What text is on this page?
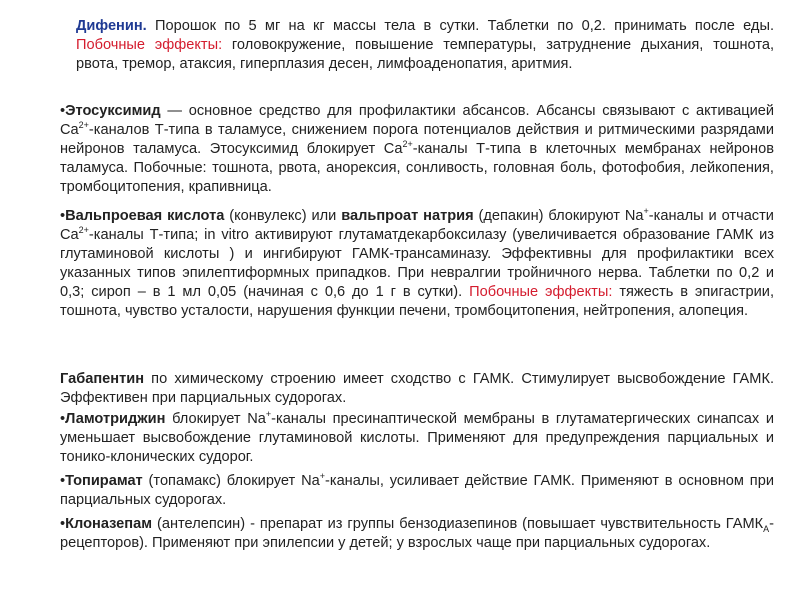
Дифенин. Порошок по 5 мг на кг массы тела в сутки. Таблетки по 0,2. принимать после еды. Побочные эффекты: головокружение, повышение температуры, затруднение дыхания, тошнота, рвота, тремор, атаксия, гиперплазия десен, лимфоаденопатия, аритмия.
•Этосуксимид — основное средство для профилактики абсансов. Абсансы связывают с активацией $Ca^{2+}$-каналов Т-типа в таламусе, снижением порога потенциалов действия и ритмическими разрядами нейронов таламуса. Этосуксимид блокирует $Ca^{2+}$-каналы Т-типа в клеточных мембранах нейронов таламуса. Побочные: тошнота, рвота, анорексия, сонливость, головная боль, фотофобия, лейкопения, тромбоцитопения, крапивница.
•Вальпроевая кислота (конвулекс) или вальпроат натрия (депакин) блокируют Na+-каналы и отчасти $Ca^{2+}$-каналы Т-типа; in vitro активируют глутаматдекарбоксилазу (увеличивается образование ГАМК из глутаминовой кислоты ) и ингибируют ГАМК-трансаминазу. Эффективны для профилактики всех указанных типов эпилептиформных припадков. При невралгии тройничного нерва. Таблетки по 0,2 и 0,3; сироп – в 1 мл 0,05 (начиная с 0,6 до 1 г в сутки). Побочные эффекты: тяжесть в эпигастрии, тошнота, чувство усталости, нарушения функции печени, тромбоцитопения, нейтропения, алопеция.
Габапентин по химическому строению имеет сходство с ГАМК. Стимулирует высвобождение ГАМК. Эффективен при парциальных судорогах.
•Ламотриджин блокирует Na+-каналы пресинаптической мембраны в глутаматергических синапсах и уменьшает высвобождение глутаминовой кислоты. Применяют для предупреждения парциальных и тонико-клонических судорог.
•Топирамат (топамакс) блокирует Na+-каналы, усиливает действие ГАМК. Применяют в основном при парциальных судорогах.
•Клоназепам (антелепсин) - препарат из группы бензодиазепинов (повышает чувствительность $ГАМК_А-рецепторов$). Применяют при эпилепсии у детей; у взрослых чаще при парциальных судорогах.
